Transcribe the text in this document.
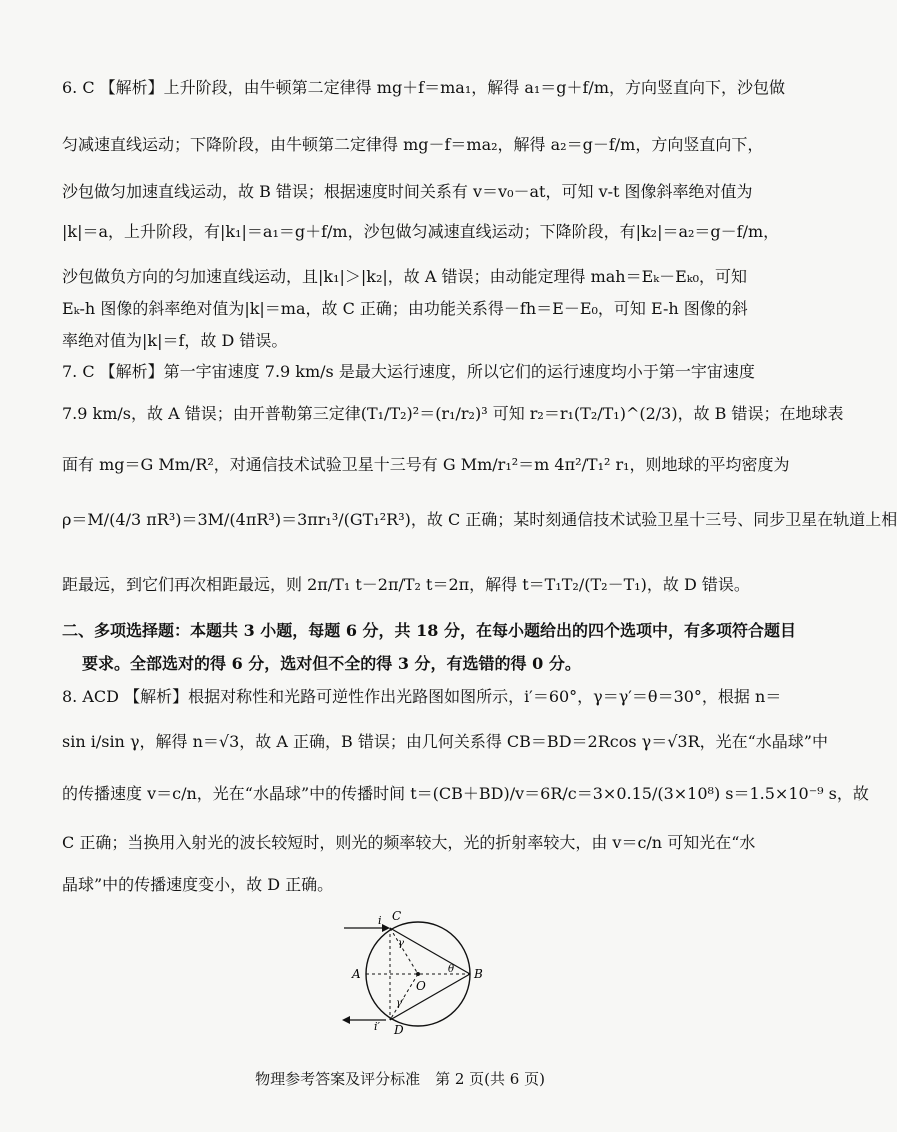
6. C 【解析】上升阶段，由牛顿第二定律得 mg＋f＝ma₁，解得 a₁＝g＋f/m，方向竖直向下，沙包做
匀减速直线运动；下降阶段，由牛顿第二定律得 mg－f＝ma₂，解得 a₂＝g－f/m，方向竖直向下，
沙包做匀加速直线运动，故 B 错误；根据速度时间关系有 v＝v₀－at，可知 v-t 图像斜率绝对值为
|k|＝a，上升阶段，有|k₁|＝a₁＝g＋f/m，沙包做匀减速直线运动；下降阶段，有|k₂|＝a₂＝g－f/m，
沙包做负方向的匀加速直线运动，且|k₁|＞|k₂|，故 A 错误；由动能定理得 mah＝Eₖ－Eₖ₀，可知
Eₖ-h 图像的斜率绝对值为|k|＝ma，故 C 正确；由功能关系得－fh＝E－E₀，可知 E-h 图像的斜
率绝对值为|k|＝f，故 D 错误。
7. C 【解析】第一宇宙速度 7.9 km/s 是最大运行速度，所以它们的运行速度均小于第一宇宙速度
7.9 km/s，故 A 错误；由开普勒第三定律(T₁/T₂)²＝(r₁/r₂)³ 可知 r₂＝r₁(T₂/T₁)^(2/3)，故 B 错误；在地球表
面有 mg＝G Mm/R²，对通信技术试验卫星十三号有 G Mm/r₁²＝m 4π²/T₁² r₁，则地球的平均密度为
ρ＝M/(4/3 πR³)＝3M/(4πR³)＝3πr₁³/(GT₁²R³)，故 C 正确；某时刻通信技术试验卫星十三号、同步卫星在轨道上相
距最远，到它们再次相距最远，则 2π/T₁ t－2π/T₂ t＝2π，解得 t＝T₁T₂/(T₂－T₁)，故 D 错误。
二、多项选择题：本题共 3 小题，每题 6 分，共 18 分，在每小题给出的四个选项中，有多项符合题目
要求。全部选对的得 6 分，选对但不全的得 3 分，有选错的得 0 分。
8. ACD 【解析】根据对称性和光路可逆性作出光路图如图所示，i′＝60°，γ＝γ′＝θ＝30°，根据 n＝
sin i/sin γ，解得 n＝√3，故 A 正确，B 错误；由几何关系得 CB＝BD＝2Rcos γ＝√3R，光在“水晶球”中
的传播速度 v＝c/n，光在“水晶球”中的传播时间 t＝(CB＋BD)/v＝6R/c＝3×0.15/(3×10⁸) s＝1.5×10⁻⁹ s，故
C 正确；当换用入射光的波长较短时，则光的频率较大，光的折射率较大，由 v＝c/n 可知光在“水
晶球”中的传播速度变小，故 D 正确。
C
i
A	B
O
D
i′
γ
γ′
θ
物理参考答案及评分标准　第 2 页(共 6 页)
